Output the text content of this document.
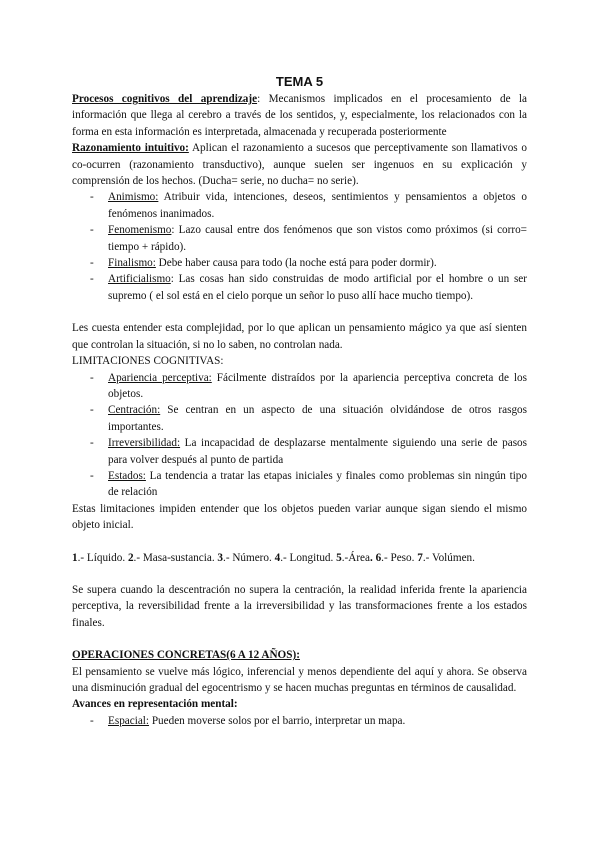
TEMA 5

Procesos cognitivos del aprendizaje: Mecanismos implicados en el procesamiento de la información que llega al cerebro a través de los sentidos, y, especialmente, los relacionados con la forma en esta información es interpretada, almacenada y recuperada posteriormente

Razonamiento intuitivo: Aplican el razonamiento a sucesos que perceptivamente son llamativos o co-ocurren (razonamiento transductivo), aunque suelen ser ingenuos en su explicación y comprensión de los hechos. (Ducha= serie, no ducha= no serie).

- Animismo: Atribuir vida, intenciones, deseos, sentimientos y pensamientos a objetos o fenómenos inanimados.
- Fenomenismo: Lazo causal entre dos fenómenos que son vistos como próximos (si corro= tiempo + rápido).
- Finalismo: Debe haber causa para todo (la noche está para poder dormir).
- Artificialismo: Las cosas han sido construidas de modo artificial por el hombre o un ser supremo ( el sol está en el cielo porque un señor lo puso allí hace mucho tiempo).

Les cuesta entender esta complejidad, por lo que aplican un pensamiento mágico ya que así sienten que controlan la situación, si no lo saben, no controlan nada.

LIMITACIONES COGNITIVAS:

- Apariencia perceptiva: Fácilmente distraídos por la apariencia perceptiva concreta de los objetos.
- Centración: Se centran en un aspecto de una situación olvidándose de otros rasgos importantes.
- Irreversibilidad: La incapacidad de desplazarse mentalmente siguiendo una serie de pasos para volver después al punto de partida
- Estados: La tendencia a tratar las etapas iniciales y finales como problemas sin ningún tipo de relación

Estas limitaciones impiden entender que los objetos pueden variar aunque sigan siendo el mismo objeto inicial.

1.- Líquido. 2.- Masa-sustancia. 3.- Número. 4.- Longitud. 5.-Área. 6.- Peso. 7.- Volúmen.

Se supera cuando la descentración no supera la centración, la realidad inferida frente la apariencia perceptiva, la reversibilidad frente a la irreversibilidad y las transformaciones frente a los estados finales.

OPERACIONES CONCRETAS(6 A 12 AÑOS):

El pensamiento se vuelve más lógico, inferencial y menos dependiente del aquí y ahora. Se observa una disminución gradual del egocentrismo y se hacen muchas preguntas en términos de causalidad.

Avances en representación mental:

- Espacial: Pueden moverse solos por el barrio, interpretar un mapa.
